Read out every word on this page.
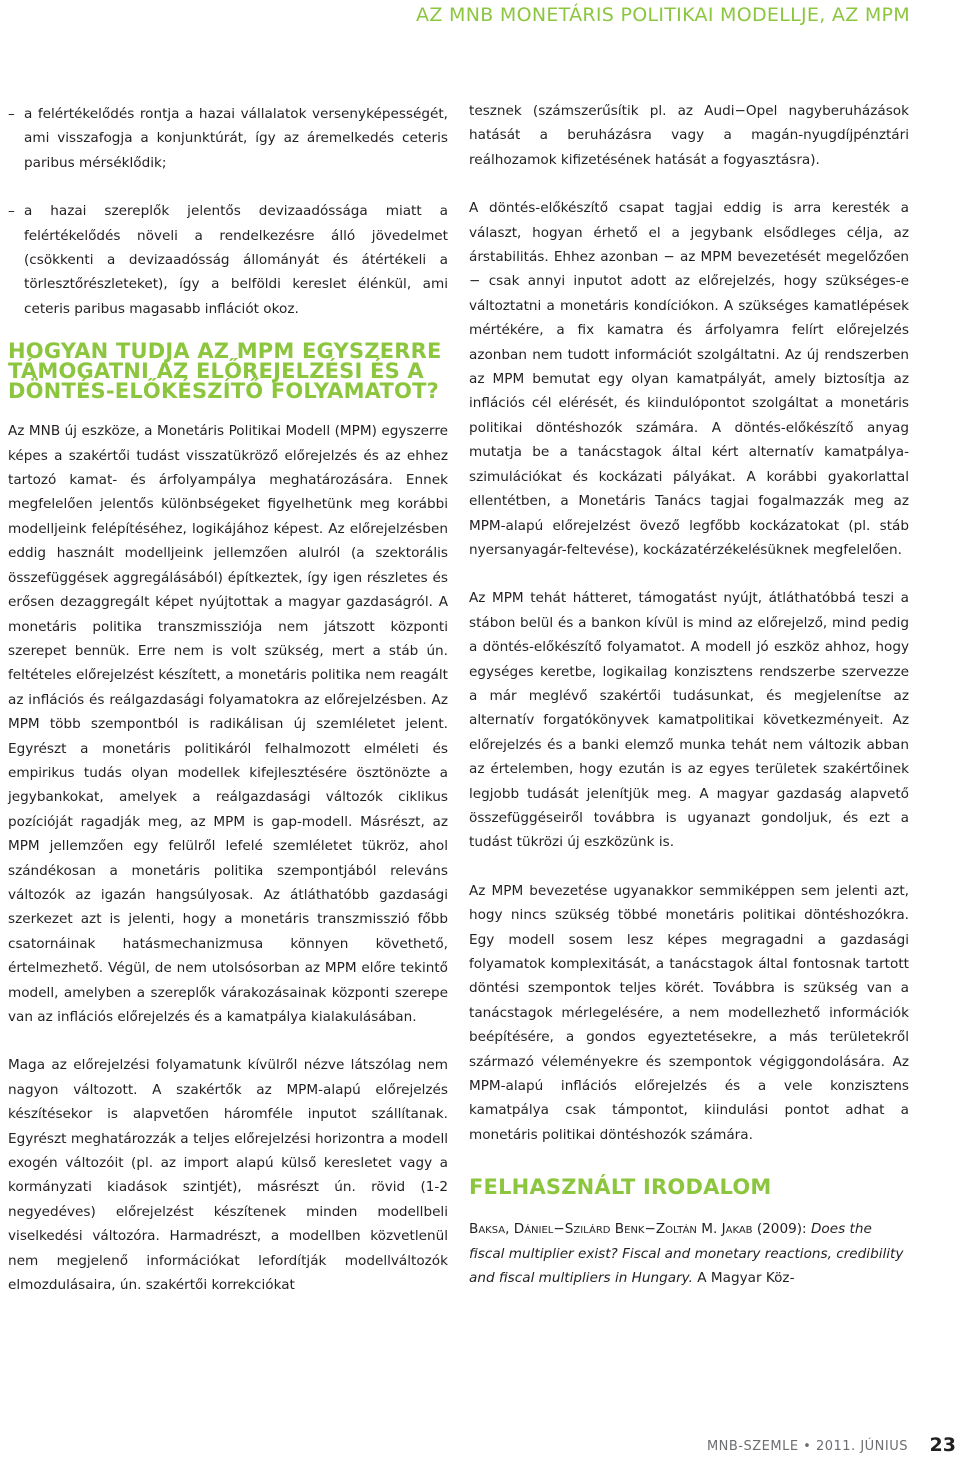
AZ MNB MONETÁRIS POLITIKAI MODELLJE, AZ MPM

– a felértékelődés rontja a hazai vállalatok versenyképességét, ami visszafogja a konjunktúrát, így az áremelkedés ceteris paribus mérséklődik;

– a hazai szereplők jelentős devizaadóssága miatt a felértékelődés növeli a rendelkezésre álló jövedelmet (csökkenti a devizaadósság állományát és átértékeli a törlesztőrészleteket), így a belföldi kereslet élénkül, ami ceteris paribus magasabb inflációt okoz.

HOGYAN TUDJA AZ MPM EGYSZERRE TÁMOGATNI AZ ELŐREJELZÉSI ÉS A DÖNTÉS-ELŐKÉSZÍTŐ FOLYAMATOT?

Az MNB új eszköze, a Monetáris Politikai Modell (MPM) egyszerre képes a szakértői tudást visszatükröző előrejelzés és az ehhez tartozó kamat- és árfolyampálya meghatározására. Ennek megfelelően jelentős különbségeket figyelhetünk meg korábbi modelljeink felépítéséhez, logikájához képest. Az előrejelzésben eddig használt modelljeink jellemzően alulról (a szektorális összefüggések aggregálásából) építkeztek, így igen részletes és erősen dezaggregált képet nyújtottak a magyar gazdaságról. A monetáris politika transzmissziója nem játszott központi szerepet bennük. Erre nem is volt szükség, mert a stáb ún. feltételes előrejelzést készített, a monetáris politika nem reagált az inflációs és reálgazdasági folyamatokra az előrejelzésben. Az MPM több szempontból is radikálisan új szemléletet jelent. Egyrészt a monetáris politikáról felhalmozott elméleti és empirikus tudás olyan modellek kifejlesztésére ösztönözte a jegybankokat, amelyek a reálgazdasági változók ciklikus pozícióját ragadják meg, az MPM is gap-modell. Másrészt, az MPM jellemzően egy felülről lefelé szemléletet tükröz, ahol szándékosan a monetáris politika szempontjából releváns változók az igazán hangsúlyosak. Az átláthatóbb gazdasági szerkezet azt is jelenti, hogy a monetáris transzmisszió főbb csatornáinak hatásmechanizmusa könnyen követhető, értelmezhető. Végül, de nem utolsósorban az MPM előre tekintő modell, amelyben a szereplők várakozásainak központi szerepe van az inflációs előrejelzés és a kamatpálya kialakulásában.

Maga az előrejelzési folyamatunk kívülről nézve látszólag nem nagyon változott. A szakértők az MPM-alapú előrejelzés készítésekor is alapvetően háromféle inputot szállítanak. Egyrészt meghatározzák a teljes előrejelzési horizontra a modell exogén változóit (pl. az import alapú külső keresletet vagy a kormányzati kiadások szintjét), másrészt ún. rövid (1-2 negyedéves) előrejelzést készítenek minden modellbeli viselkedési változóra. Harmadrészt, a modellben közvetlenül nem megjelenő információkat lefordítják modellváltozók elmozdulásaira, ún. szakértői korrekciókat

tesznek (számszerűsítik pl. az Audi−Opel nagyberuházások hatását a beruházásra vagy a magán-nyugdíjpénztári reálhozamok kifizetésének hatását a fogyasztásra).

A döntés-előkészítő csapat tagjai eddig is arra keresték a választ, hogyan érhető el a jegybank elsődleges célja, az árstabilitás. Ehhez azonban − az MPM bevezetését megelőzően − csak annyi inputot adott az előrejelzés, hogy szükséges-e változtatni a monetáris kondíciókon. A szükséges kamatlépések mértékére, a fix kamatra és árfolyamra felírt előrejelzés azonban nem tudott információt szolgáltatni. Az új rendszerben az MPM bemutat egy olyan kamatpályát, amely biztosítja az inflációs cél elérését, és kiindulópontot szolgáltat a monetáris politikai döntéshozók számára. A döntés-előkészítő anyag mutatja be a tanácstagok által kért alternatív kamatpálya-szimulációkat és kockázati pályákat. A korábbi gyakorlattal ellentétben, a Monetáris Tanács tagjai fogalmazzák meg az MPM-alapú előrejelzést övező legfőbb kockázatokat (pl. stáb nyersanyagár-feltevése), kockázatérzékelésüknek megfelelően.

Az MPM tehát hátteret, támogatást nyújt, átláthatóbbá teszi a stábon belül és a bankon kívül is mind az előrejelző, mind pedig a döntés-előkészítő folyamatot. A modell jó eszköz ahhoz, hogy egységes keretbe, logikailag konzisztens rendszerbe szervezze a már meglévő szakértői tudásunkat, és megjelenítse az alternatív forgatókönyvek kamatpolitikai következményeit. Az előrejelzés és a banki elemző munka tehát nem változik abban az értelemben, hogy ezután is az egyes területek szakértőinek legjobb tudását jelenítjük meg. A magyar gazdaság alapvető összefüggéseiről továbbra is ugyanazt gondoljuk, és ezt a tudást tükrözi új eszközünk is.

Az MPM bevezetése ugyanakkor semmiképpen sem jelenti azt, hogy nincs szükség többé monetáris politikai döntéshozókra. Egy modell sosem lesz képes megragadni a gazdasági folyamatok komplexitását, a tanácstagok által fontosnak tartott döntési szempontok teljes körét. Továbbra is szükség van a tanácstagok mérlegelésére, a nem modellezhető információk beépítésére, a gondos egyeztetésekre, a más területekről származó véleményekre és szempontok végiggondolására. Az MPM-alapú inflációs előrejelzés és a vele konzisztens kamatpálya csak támpontot, kiindulási pontot adhat a monetáris politikai döntéshozók számára.

FELHASZNÁLT IRODALOM

Baksa, Dániel−Szilárd Benk−Zoltán M. Jakab (2009): Does the fiscal multiplier exist? Fiscal and monetary reactions, credibility and fiscal multipliers in Hungary. A Magyar Köz-

MNB-SZEMLE • 2011. JÚNIUS 23
